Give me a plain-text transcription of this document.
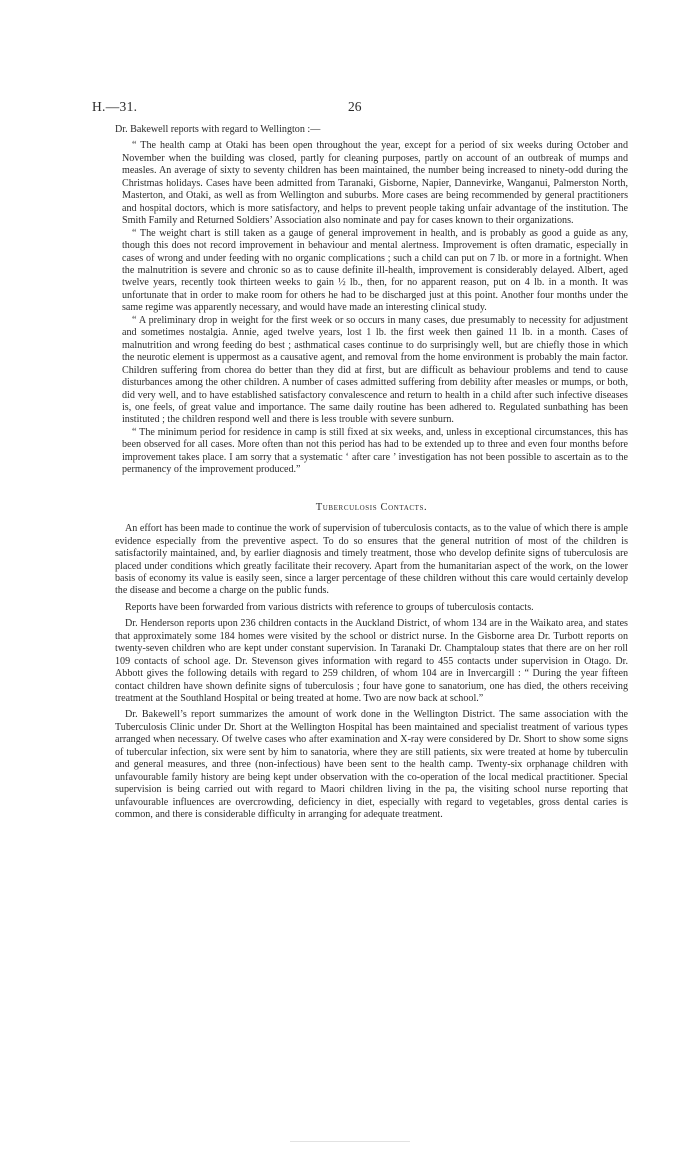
H.—31.	26

Dr. Bakewell reports with regard to Wellington :—

“ The health camp at Otaki has been open throughout the year, except for a period of six weeks during October and November when the building was closed, partly for cleaning purposes, partly on account of an outbreak of mumps and measles. An average of sixty to seventy children has been maintained, the number being increased to ninety-odd during the Christmas holidays. Cases have been admitted from Taranaki, Gisborne, Napier, Dannevirke, Wanganui, Palmerston North, Masterton, and Otaki, as well as from Wellington and suburbs. More cases are being recommended by general practitioners and hospital doctors, which is more satisfactory, and helps to prevent people taking unfair advantage of the institution. The Smith Family and Returned Soldiers’ Association also nominate and pay for cases known to their organizations.

“ The weight chart is still taken as a gauge of general improvement in health, and is probably as good a guide as any, though this does not record improvement in behaviour and mental alertness. Improvement is often dramatic, especially in cases of wrong and under feeding with no organic complications ; such a child can put on 7 lb. or more in a fortnight. When the malnutrition is severe and chronic so as to cause definite ill-health, improvement is considerably delayed. Albert, aged twelve years, recently took thirteen weeks to gain ½ lb., then, for no apparent reason, put on 4 lb. in a month. It was unfortunate that in order to make room for others he had to be discharged just at this point. Another four months under the same regime was apparently necessary, and would have made an interesting clinical study.

“ A preliminary drop in weight for the first week or so occurs in many cases, due presumably to necessity for adjustment and sometimes nostalgia. Annie, aged twelve years, lost 1 lb. the first week then gained 11 lb. in a month. Cases of malnutrition and wrong feeding do best ; asthmatical cases continue to do surprisingly well, but are chiefly those in which the neurotic element is uppermost as a causative agent, and removal from the home environment is probably the main factor. Children suffering from chorea do better than they did at first, but are difficult as behaviour problems and tend to cause disturbances among the other children. A number of cases admitted suffering from debility after measles or mumps, or both, did very well, and to have established satisfactory convalescence and return to health in a child after such infective diseases is, one feels, of great value and importance. The same daily routine has been adhered to. Regulated sunbathing has been instituted ; the children respond well and there is less trouble with severe sunburn.

“ The minimum period for residence in camp is still fixed at six weeks, and, unless in exceptional circumstances, this has been observed for all cases. More often than not this period has had to be extended up to three and even four months before improvement takes place. I am sorry that a systematic ‘ after care ’ investigation has not been possible to ascertain as to the permanency of the improvement produced.”

Tuberculosis Contacts.

An effort has been made to continue the work of supervision of tuberculosis contacts, as to the value of which there is ample evidence especially from the preventive aspect. To do so ensures that the general nutrition of most of the children is satisfactorily maintained, and, by earlier diagnosis and timely treatment, those who develop definite signs of tuberculosis are placed under conditions which greatly facilitate their recovery. Apart from the humanitarian aspect of the work, on the lower basis of economy its value is easily seen, since a larger percentage of these children without this care would certainly develop the disease and become a charge on the public funds.

Reports have been forwarded from various districts with reference to groups of tuberculosis contacts.

Dr. Henderson reports upon 236 children contacts in the Auckland District, of whom 134 are in the Waikato area, and states that approximately some 184 homes were visited by the school or district nurse. In the Gisborne area Dr. Turbott reports on twenty-seven children who are kept under constant supervision. In Taranaki Dr. Champtaloup states that there are on her roll 109 contacts of school age. Dr. Stevenson gives information with regard to 455 contacts under supervision in Otago. Dr. Abbott gives the following details with regard to 259 children, of whom 104 are in Invercargill : “ During the year fifteen contact children have shown definite signs of tuberculosis ; four have gone to sanatorium, one has died, the others receiving treatment at the Southland Hospital or being treated at home. Two are now back at school.”

Dr. Bakewell’s report summarizes the amount of work done in the Wellington District. The same association with the Tuberculosis Clinic under Dr. Short at the Wellington Hospital has been maintained and specialist treatment of various types arranged when necessary. Of twelve cases who after examination and X-ray were considered by Dr. Short to show some signs of tubercular infection, six were sent by him to sanatoria, where they are still patients, six were treated at home by tuberculin and general measures, and three (non-infectious) have been sent to the health camp. Twenty-six orphanage children with unfavourable family history are being kept under observation with the co-operation of the local medical practitioner. Special supervision is being carried out with regard to Maori children living in the pa, the visiting school nurse reporting that unfavourable influences are overcrowding, deficiency in diet, especially with regard to vegetables, gross dental caries is common, and there is considerable difficulty in arranging for adequate treatment.
